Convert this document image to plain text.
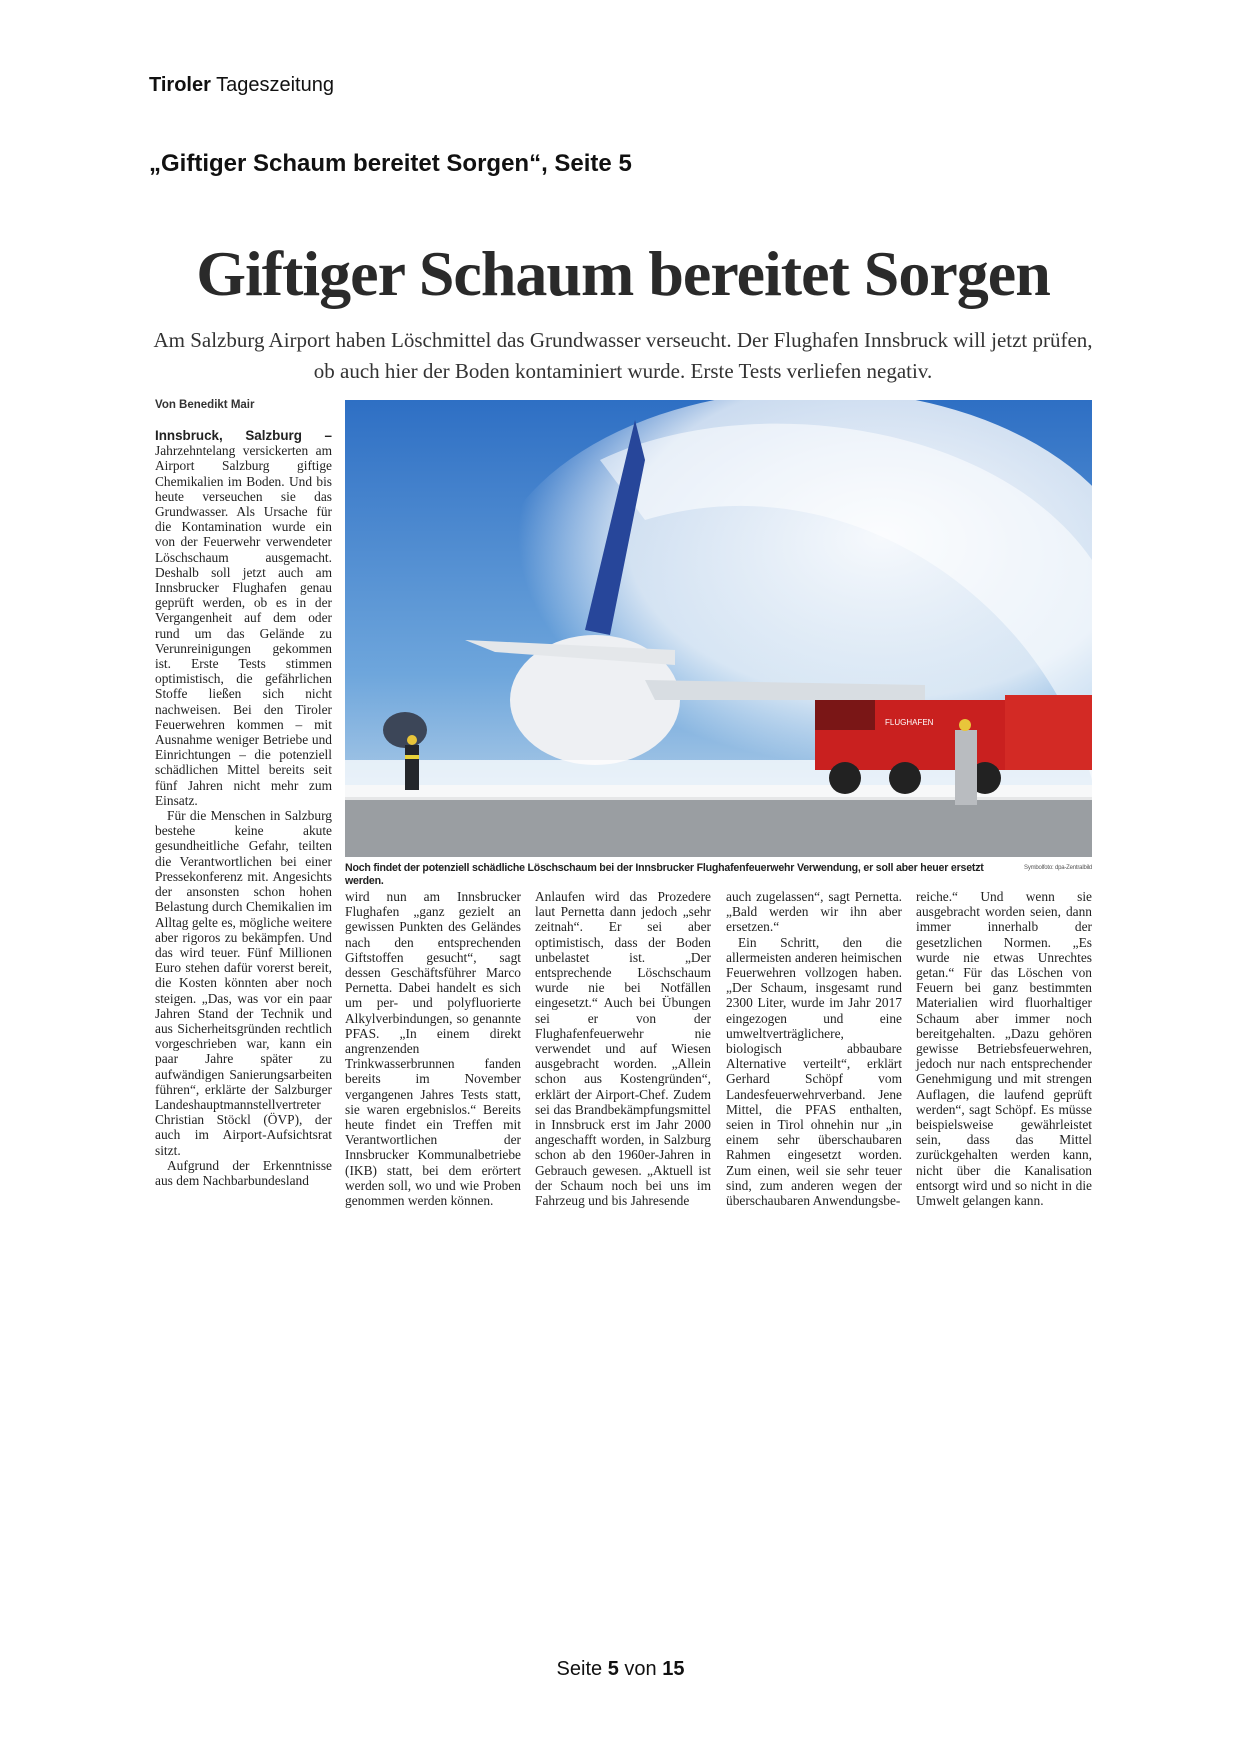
Tiroler Tageszeitung
„Giftiger Schaum bereitet Sorgen“, Seite 5
Giftiger Schaum bereitet Sorgen
Am Salzburg Airport haben Löschmittel das Grundwasser verseucht. Der Flughafen Innsbruck will jetzt prüfen, ob auch hier der Boden kontaminiert wurde. Erste Tests verliefen negativ.
Von Benedikt Mair
FLUGHAFEN
Noch findet der potenziell schädliche Löschschaum bei der Innsbrucker Flughafenfeuerwehr Verwendung, er soll aber heuer ersetzt werden.
Symbolfoto: dpa-Zentralbild

Innsbruck, Salzburg – Jahrzehntelang versickerten am Airport Salzburg giftige Chemikalien im Boden. Und bis heute verseuchen sie das Grundwasser. Als Ursache für die Kontamination wurde ein von der Feuerwehr verwendeter Löschschaum ausgemacht. Deshalb soll jetzt auch am Innsbrucker Flughafen genau geprüft werden, ob es in der Vergangenheit auf dem oder rund um das Gelände zu Verunreinigungen gekommen ist. Erste Tests stimmen optimistisch, die gefährlichen Stoffe ließen sich nicht nachweisen. Bei den Tiroler Feuerwehren kommen – mit Ausnahme weniger Betriebe und Einrichtungen – die potenziell schädlichen Mittel bereits seit fünf Jahren nicht mehr zum Einsatz.

Für die Menschen in Salzburg bestehe keine akute gesundheitliche Gefahr, teilten die Verantwortlichen bei einer Pressekonferenz mit. Angesichts der ansonsten schon hohen Belastung durch Chemikalien im Alltag gelte es, mögliche weitere aber rigoros zu bekämpfen. Und das wird teuer. Fünf Millionen Euro stehen dafür vorerst bereit, die Kosten könnten aber noch steigen. „Das, was vor ein paar Jahren Stand der Technik und aus Sicherheitsgründen rechtlich vorgeschrieben war, kann ein paar Jahre später zu aufwändigen Sanierungsarbeiten führen“, erklärte der Salzburger Landeshauptmannstellvertreter Christian Stöckl (ÖVP), der auch im Airport-Aufsichtsrat sitzt.

Aufgrund der Erkenntnisse aus dem Nachbarbundesland

wird nun am Innsbrucker Flughafen „ganz gezielt an gewissen Punkten des Geländes nach den entsprechenden Giftstoffen gesucht“, sagt dessen Geschäftsführer Marco Pernetta. Dabei handelt es sich um per- und polyfluorierte Alkylverbindungen, so genannte PFAS. „In einem direkt angrenzenden Trinkwasserbrunnen fanden bereits im November vergangenen Jahres Tests statt, sie waren ergebnislos.“ Bereits heute findet ein Treffen mit Verantwortlichen der Innsbrucker Kommunalbetriebe (IKB) statt, bei dem erörtert werden soll, wo und wie Proben genommen werden können.

Anlaufen wird das Prozedere laut Pernetta dann jedoch „sehr zeitnah“. Er sei aber optimistisch, dass der Boden unbelastet ist. „Der entsprechende Löschschaum wurde nie bei Notfällen eingesetzt.“ Auch bei Übungen sei er von der Flughafenfeuerwehr nie verwendet und auf Wiesen ausgebracht worden. „Allein schon aus Kostengründen“, erklärt der Airport-Chef. Zudem sei das Brandbekämpfungsmittel in Innsbruck erst im Jahr 2000 angeschafft worden, in Salzburg schon ab den 1960er-Jahren in Gebrauch gewesen. „Aktuell ist der Schaum noch bei uns im Fahrzeug und bis Jahresende

auch zugelassen“, sagt Pernetta. „Bald werden wir ihn aber ersetzen.“

Ein Schritt, den die allermeisten anderen heimischen Feuerwehren vollzogen haben. „Der Schaum, insgesamt rund 2300 Liter, wurde im Jahr 2017 eingezogen und eine umweltverträglichere, biologisch abbaubare Alternative verteilt“, erklärt Gerhard Schöpf vom Landesfeuerwehrverband. Jene Mittel, die PFAS enthalten, seien in Tirol ohnehin nur „in einem sehr überschaubaren Rahmen eingesetzt worden. Zum einen, weil sie sehr teuer sind, zum anderen wegen der überschaubaren Anwendungsbe-

reiche.“ Und wenn sie ausgebracht worden seien, dann immer innerhalb der gesetzlichen Normen. „Es wurde nie etwas Unrechtes getan.“ Für das Löschen von Feuern bei ganz bestimmten Materialien wird fluorhaltiger Schaum aber immer noch bereitgehalten. „Dazu gehören gewisse Betriebsfeuerwehren, jedoch nur nach entsprechender Genehmigung und mit strengen Auflagen, die laufend geprüft werden“, sagt Schöpf. Es müsse beispielsweise gewährleistet sein, dass das Mittel zurückgehalten werden kann, nicht über die Kanalisation entsorgt wird und so nicht in die Umwelt gelangen kann.

Seite 5 von 15
